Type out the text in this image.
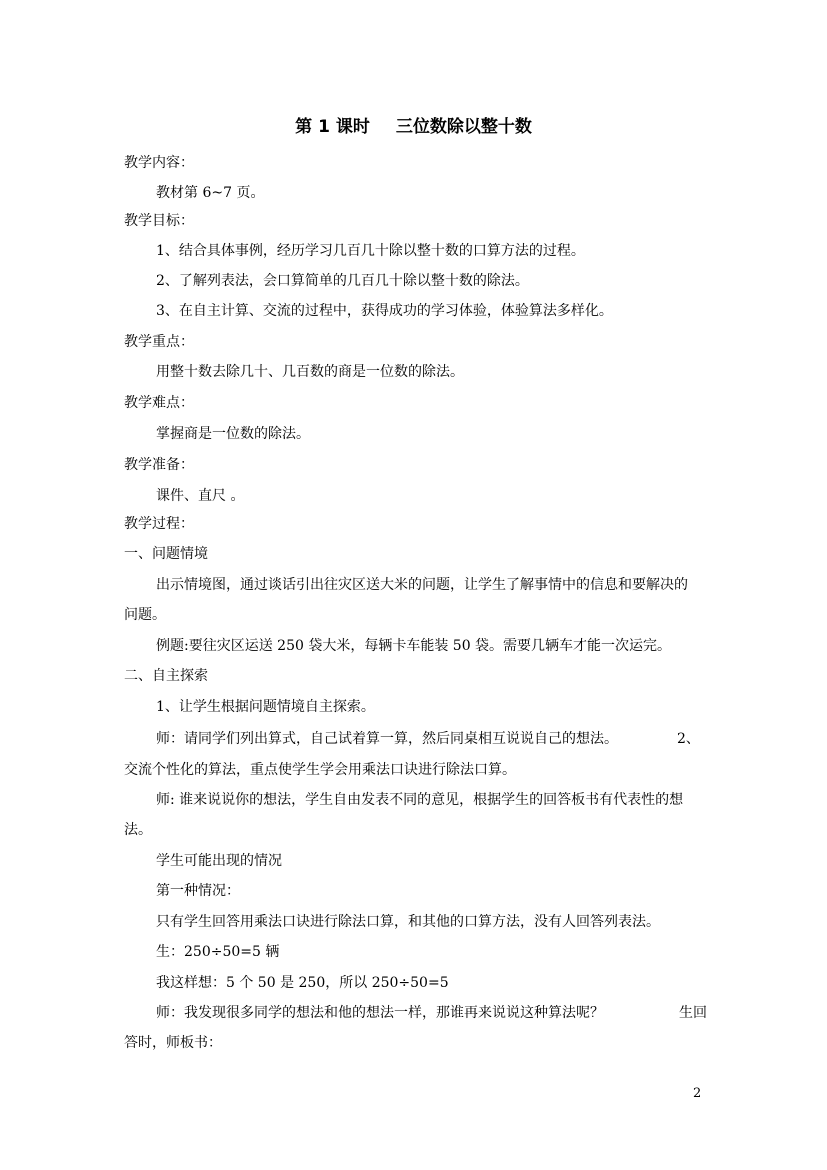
第 1 课时 三位数除以整十数
教学内容：
教材第 6~7 页。
教学目标：
1、结合具体事例，经历学习几百几十除以整十数的口算方法的过程。
2、了解列表法，会口算简单的几百几十除以整十数的除法。
3、在自主计算、交流的过程中，获得成功的学习体验，体验算法多样化。
教学重点：
用整十数去除几十、几百数的商是一位数的除法。
教学难点：
掌握商是一位数的除法。
教学准备：
课件、直尺 。
教学过程：
一、问题情境
出示情境图，通过谈话引出往灾区送大米的问题，让学生了解事情中的信息和要解决的
问题。
例题:要往灾区运送 250 袋大米，每辆卡车能装 50 袋。需要几辆车才能一次运完。
二、自主探索
1、让学生根据问题情境自主探索。
师：请同学们列出算式，自己试着算一算，然后同桌相互说说自己的想法。	2、
交流个性化的算法，重点使学生学会用乘法口诀进行除法口算。
师: 谁来说说你的想法，学生自由发表不同的意见，根据学生的回答板书有代表性的想
法。
学生可能出现的情况
第一种情况：
只有学生回答用乘法口诀进行除法口算，和其他的口算方法，没有人回答列表法。
生：250÷50=5 辆
我这样想：5 个 50 是 250，所以 250÷50=5
师：我发现很多同学的想法和他的想法一样，那谁再来说说这种算法呢？	生回
答时，师板书：
2
